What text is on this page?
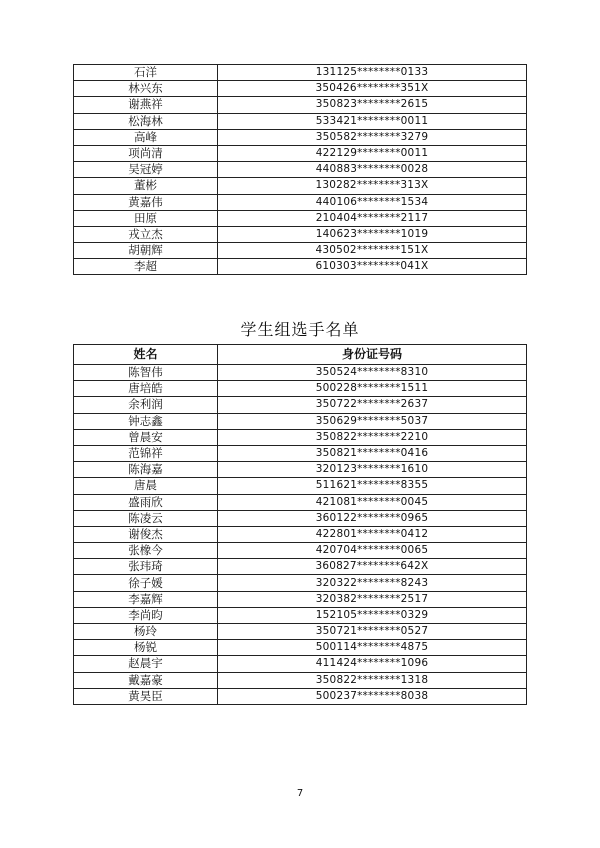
石洋	131125********0133
林兴东	350426********351X
谢燕祥	350823********2615
松海林	533421********0011
高峰	350582********3279
项尚清	422129********0011
吴冠婷	440883********0028
董彬	130282********313X
黄嘉伟	440106********1534
田原	210404********2117
戎立杰	140623********1019
胡朝辉	430502********151X
李超	610303********041X
学生组选手名单
姓名	身份证号码
陈智伟	350524********8310
唐培皓	500228********1511
余利润	350722********2637
钟志鑫	350629********5037
曾晨安	350822********2210
范锦祥	350821********0416
陈海嘉	320123********1610
唐晨	511621********8355
盛雨欣	421081********0045
陈凌云	360122********0965
谢俊杰	422801********0412
张橡今	420704********0065
张玮琦	360827********642X
徐子媛	320322********8243
李嘉辉	320382********2517
李尚昀	152105********0329
杨玲	350721********0527
杨锐	500114********4875
赵晨宇	411424********1096
戴嘉豪	350822********1318
黄昊臣	500237********8038
7
